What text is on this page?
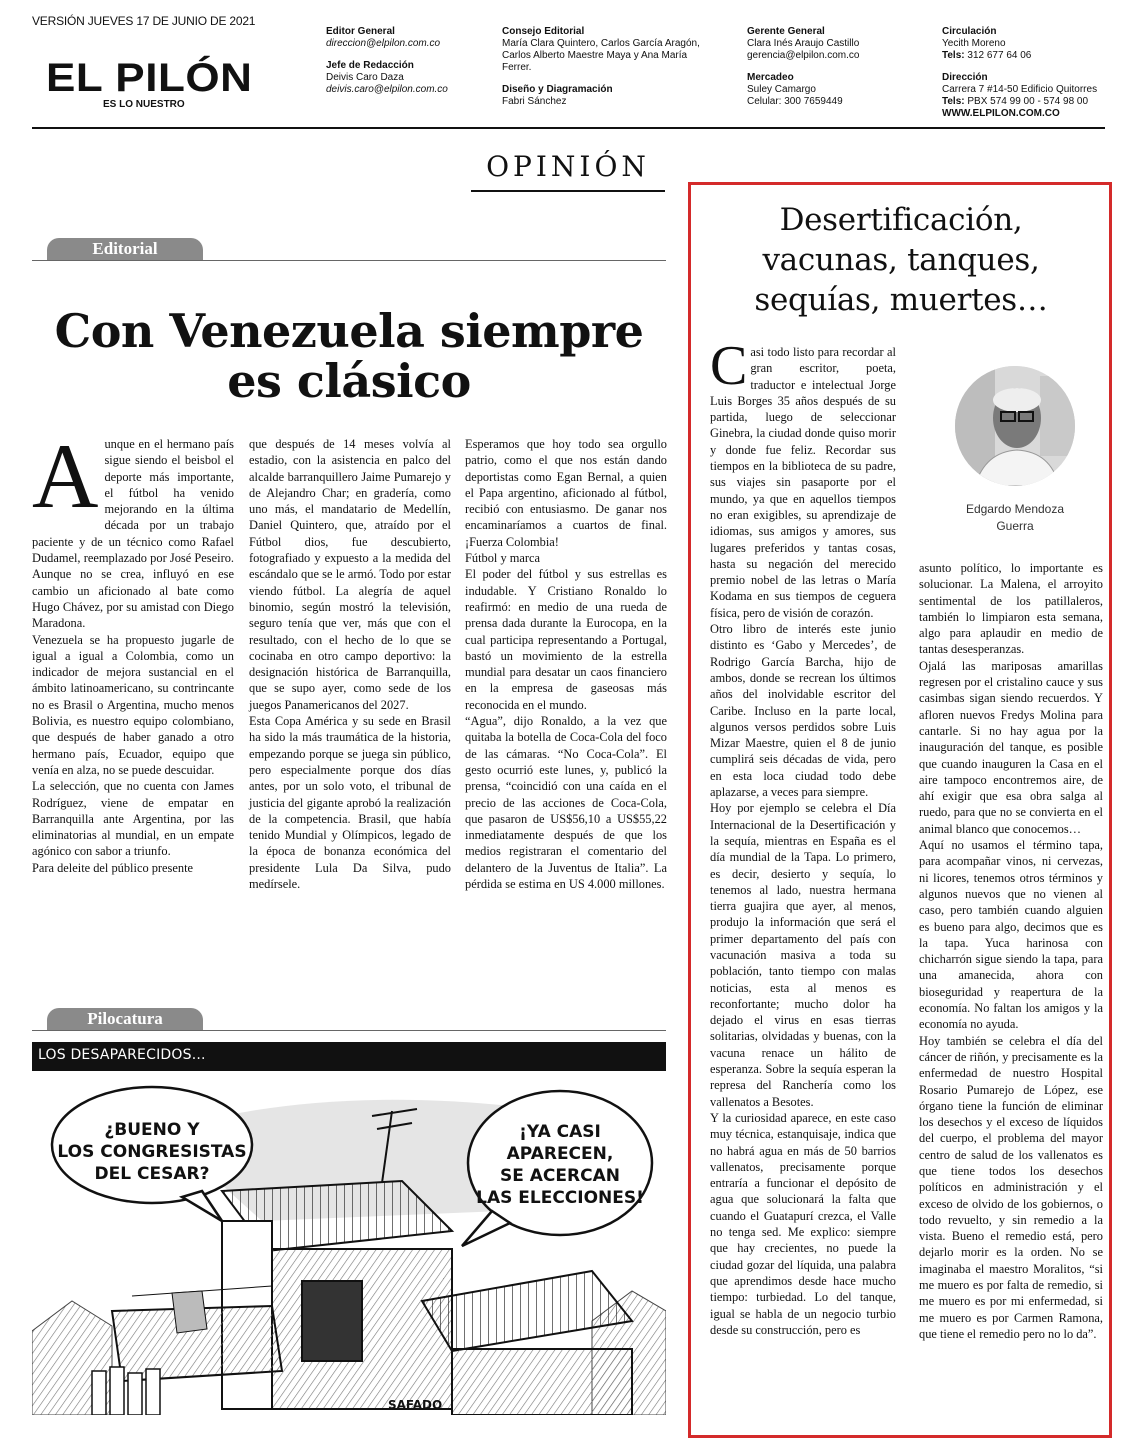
VERSIÓN JUEVES 17 DE JUNIO DE 2021
EL PILÓN
ES LO NUESTRO
Editor General
direccion@elpilon.com.co
Jefe de Redacción
Deivis Caro Daza
deivis.caro@elpilon.com.co
Consejo Editorial
María Clara Quintero, Carlos García Aragón,
Carlos Alberto Maestre Maya y Ana María
Ferrer.
Diseño y Diagramación
Fabri Sánchez
Gerente General
Clara Inés Araujo Castillo
gerencia@elpilon.com.co
Mercadeo
Suley Camargo
Celular: 300 7659449
Circulación
Yecith Moreno
Tels: 312 677 64 06
Dirección
Carrera 7 #14-50 Edificio Quitorres
Tels: PBX 574 99 00 - 574 98 00
WWW.ELPILON.COM.CO
OPINIÓN
Editorial
Con Venezuela siempre es clásico
A unque en el hermano país sigue siendo el beisbol el deporte más importante, el fútbol ha venido mejorando en la última década por un trabajo paciente y de un técnico como Rafael Dudamel, reemplazado por José Peseiro. Aunque no se crea, influyó en ese cambio un aficionado al bate como Hugo Chávez, por su amistad con Diego Maradona.

Venezuela se ha propuesto jugarle de igual a igual a Colombia, como un indicador de mejora sustancial en el ámbito latinoamericano, su contrincante no es Brasil o Argentina, mucho menos Bolivia, es nuestro equipo colombiano, que después de haber ganado a otro hermano país, Ecuador, equipo que venía en alza, no se puede descuidar.

La selección, que no cuenta con James Rodríguez, viene de empatar en Barranquilla ante Argentina, por las eliminatorias al mundial, en un empate agónico con sabor a triunfo.

Para deleite del público presente

que después de 14 meses volvía al estadio, con la asistencia en palco del alcalde barranquillero Jaime Pumarejo y de Alejandro Char; en gradería, como uno más, el mandatario de Medellín, Daniel Quintero, que, atraído por el Fútbol dios, fue descubierto, fotografiado y expuesto a la medida del escándalo que se le armó. Todo por estar viendo fútbol. La alegría de aquel binomio, según mostró la televisión, seguro tenía que ver, más que con el resultado, con el hecho de lo que se cocinaba en otro campo deportivo: la designación histórica de Barranquilla, que se supo ayer, como sede de los juegos Panamericanos del 2027.

Esta Copa América y su sede en Brasil ha sido la más traumática de la historia, empezando porque se juega sin público, pero especialmente porque dos días antes, por un solo voto, el tribunal de justicia del gigante aprobó la realización de la competencia. Brasil, que había tenido Mundial y Olímpicos, legado de la época de bonanza económica del presidente Lula Da Silva, pudo medírsele.

Esperamos que hoy todo sea orgullo patrio, como el que nos están dando deportistas como Egan Bernal, a quien el Papa argentino, aficionado al fútbol, recibió con entusiasmo. De ganar nos encaminaríamos a cuartos de final. ¡Fuerza Colombia!

Fútbol y marca

El poder del fútbol y sus estrellas es indudable. Y Cristiano Ronaldo lo reafirmó: en medio de una rueda de prensa dada durante la Eurocopa, en la cual participa representando a Portugal, bastó un movimiento de la estrella mundial para desatar un caos financiero en la empresa de gaseosas más reconocida en el mundo.

“Agua”, dijo Ronaldo, a la vez que quitaba la botella de Coca-Cola del foco de las cámaras. “No Coca-Cola”. El gesto ocurrió este lunes, y, publicó la prensa, “coincidió con una caída en el precio de las acciones de Coca-Cola, que pasaron de US$56,10 a US$55,22 inmediatamente después de que los medios registraran el comentario del delantero de la Juventus de Italia”. La pérdida se estima en US 4.000 millones.

Pilocatura
LOS DESAPARECIDOS...
¿BUENO Y
LOS CONGRESISTAS
DEL CESAR?
¡YA CASI
APARECEN,
SE ACERCAN
LAS ELECCIONES!
SAFADO
Desertificación, vacunas, tanques, sequías, muertes…
C asi todo listo para recordar al gran escritor, poeta, traductor e intelectual Jorge Luis Borges 35 años después de su partida, luego de seleccionar Ginebra, la ciudad donde quiso morir y donde fue feliz. Recordar sus tiempos en la biblioteca de su padre, sus viajes sin pasaporte por el mundo, ya que en aquellos tiempos no eran exigibles, su aprendizaje de idiomas, sus amigos y amores, sus lugares preferidos y tantas cosas, hasta su negación del merecido premio nobel de las letras o María Kodama en sus tiempos de ceguera física, pero de visión de corazón.

Otro libro de interés este junio distinto es ‘Gabo y Mercedes’, de Rodrigo García Barcha, hijo de ambos, donde se recrean los últimos años del inolvidable escritor del Caribe. Incluso en la parte local, algunos versos perdidos sobre Luis Mizar Maestre, quien el 8 de junio cumplirá seis décadas de vida, pero en esta loca ciudad todo debe aplazarse, a veces para siempre.

Hoy por ejemplo se celebra el Día Internacional de la Desertificación y la sequía, mientras en España es el día mundial de la Tapa. Lo primero, es decir, desierto y sequía, lo tenemos al lado, nuestra hermana tierra guajira que ayer, al menos, produjo la información que será el primer departamento del país con vacunación masiva a toda su población, tanto tiempo con malas noticias, esta al menos es reconfortante; mucho dolor ha dejado el virus en esas tierras solitarias, olvidadas y buenas, con la vacuna renace un hálito de esperanza. Sobre la sequía esperan la represa del Ranchería como los vallenatos a Besotes.

Y la curiosidad aparece, en este caso muy técnica, estanquisaje, indica que no habrá agua en más de 50 barrios vallenatos, precisamente porque entraría a funcionar el depósito de agua que solucionará la falta que cuando el Guatapurí crezca, el Valle no tenga sed. Me explico: siempre que hay crecientes, no puede la ciudad gozar del líquida, una palabra que aprendimos desde hace mucho tiempo: turbiedad. Lo del tanque, igual se habla de un negocio turbio desde su construcción, pero es

Edgardo Mendoza
Guerra

asunto político, lo importante es solucionar. La Malena, el arroyito sentimental de los patillaleros, también lo limpiaron esta semana, algo para aplaudir en medio de tantas desesperanzas.

Ojalá las mariposas amarillas regresen por el cristalino cauce y sus casimbas sigan siendo recuerdos. Y afloren nuevos Fredys Molina para cantarle. Si no hay agua por la inauguración del tanque, es posible que cuando inauguren la Casa en el aire tampoco encontremos aire, de ahí exigir que esa obra salga al ruedo, para que no se convierta en el animal blanco que conocemos…

Aquí no usamos el término tapa, para acompañar vinos, ni cervezas, ni licores, tenemos otros términos y algunos nuevos que no vienen al caso, pero también cuando alguien es bueno para algo, decimos que es la tapa. Yuca harinosa con chicharrón sigue siendo la tapa, para una amanecida, ahora con bioseguridad y reapertura de la economía. No faltan los amigos y la economía no ayuda.

Hoy también se celebra el día del cáncer de riñón, y precisamente es la enfermedad de nuestro Hospital Rosario Pumarejo de López, ese órgano tiene la función de eliminar los desechos y el exceso de líquidos del cuerpo, el problema del mayor centro de salud de los vallenatos es que tiene todos los desechos políticos en administración y el exceso de olvido de los gobiernos, o todo revuelto, y sin remedio a la vista. Bueno el remedio está, pero dejarlo morir es la orden. No se imaginaba el maestro Moralitos, “si me muero es por falta de remedio, si me muero es por mi enfermedad, si me muero es por Carmen Ramona, que tiene el remedio pero no lo da”.
